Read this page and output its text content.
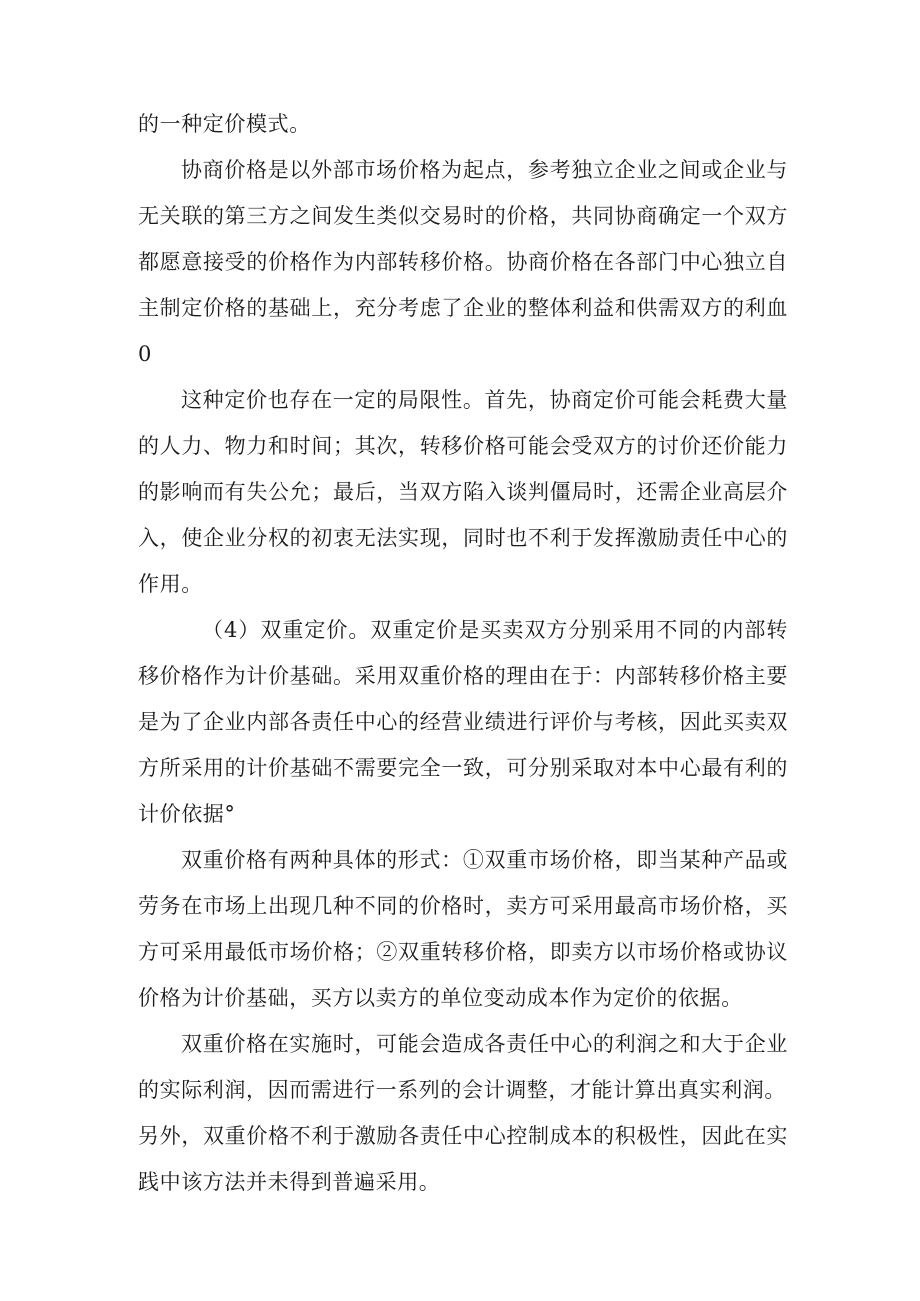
的一种定价模式。

协商价格是以外部市场价格为起点，参考独立企业之间或企业与无关联的第三方之间发生类似交易时的价格，共同协商确定一个双方都愿意接受的价格作为内部转移价格。协商价格在各部门中心独立自主制定价格的基础上，充分考虑了企业的整体利益和供需双方的利血0

这种定价也存在一定的局限性。首先，协商定价可能会耗费大量的人力、物力和时间；其次，转移价格可能会受双方的讨价还价能力的影响而有失公允；最后，当双方陷入谈判僵局时，还需企业高层介入，使企业分权的初衷无法实现，同时也不利于发挥激励责任中心的作用。

（4）双重定价。双重定价是买卖双方分别采用不同的内部转移价格作为计价基础。采用双重价格的理由在于：内部转移价格主要是为了企业内部各责任中心的经营业绩进行评价与考核，因此买卖双方所采用的计价基础不需要完全一致，可分别采取对本中心最有利的计价依据°

双重价格有两种具体的形式：①双重市场价格，即当某种产品或劳务在市场上出现几种不同的价格时，卖方可采用最高市场价格，买方可采用最低市场价格；②双重转移价格，即卖方以市场价格或协议价格为计价基础，买方以卖方的单位变动成本作为定价的依据。

双重价格在实施时，可能会造成各责任中心的利润之和大于企业的实际利润，因而需进行一系列的会计调整，才能计算出真实利润。

另外，双重价格不利于激励各责任中心控制成本的积极性，因此在实践中该方法并未得到普遍采用。
